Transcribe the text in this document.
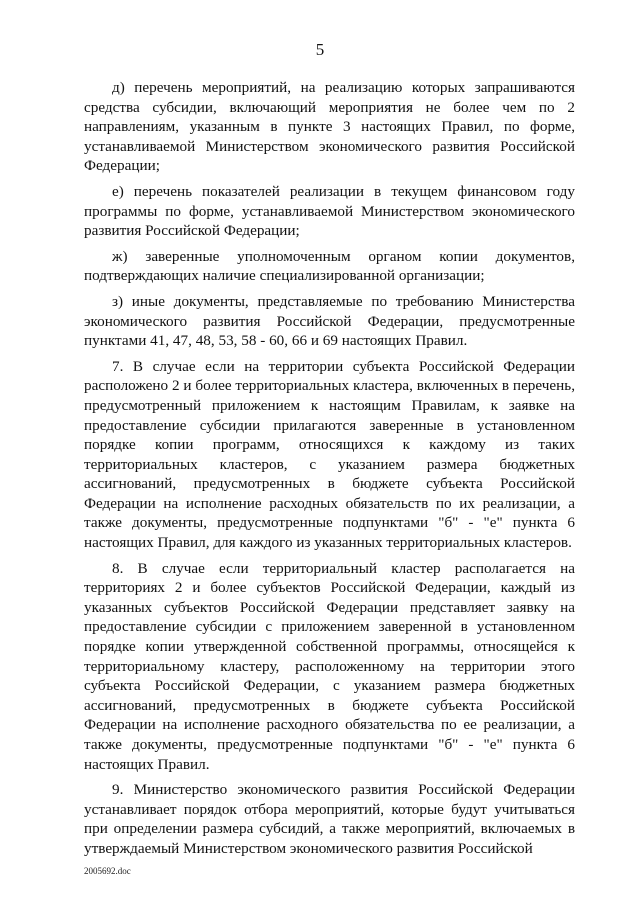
5

д) перечень мероприятий, на реализацию которых запрашиваются средства субсидии, включающий мероприятия не более чем по 2 направлениям, указанным в пункте 3 настоящих Правил, по форме, устанавливаемой Министерством экономического развития Российской Федерации;

е) перечень показателей реализации в текущем финансовом году программы по форме, устанавливаемой Министерством экономического развития Российской Федерации;

ж) заверенные уполномоченным органом копии документов, подтверждающих наличие специализированной организации;

з) иные документы, представляемые по требованию Министерства экономического развития Российской Федерации, предусмотренные пунктами 41, 47, 48, 53, 58 - 60, 66 и 69 настоящих Правил.

7. В случае если на территории субъекта Российской Федерации расположено 2 и более территориальных кластера, включенных в перечень, предусмотренный приложением к настоящим Правилам, к заявке на предоставление субсидии прилагаются заверенные в установленном порядке копии программ, относящихся к каждому из таких территориальных кластеров, с указанием размера бюджетных ассигнований, предусмотренных в бюджете субъекта Российской Федерации на исполнение расходных обязательств по их реализации, а также документы, предусмотренные подпунктами "б" - "е" пункта 6 настоящих Правил, для каждого из указанных территориальных кластеров.

8. В случае если территориальный кластер располагается на территориях 2 и более субъектов Российской Федерации, каждый из указанных субъектов Российской Федерации представляет заявку на предоставление субсидии с приложением заверенной в установленном порядке копии утвержденной собственной программы, относящейся к территориальному кластеру, расположенному на территории этого субъекта Российской Федерации, с указанием размера бюджетных ассигнований, предусмотренных в бюджете субъекта Российской Федерации на исполнение расходного обязательства по ее реализации, а также документы, предусмотренные подпунктами "б" - "е" пункта 6 настоящих Правил.

9. Министерство экономического развития Российской Федерации устанавливает порядок отбора мероприятий, которые будут учитываться при определении размера субсидий, а также мероприятий, включаемых в утверждаемый Министерством экономического развития Российской

2005692.doc
